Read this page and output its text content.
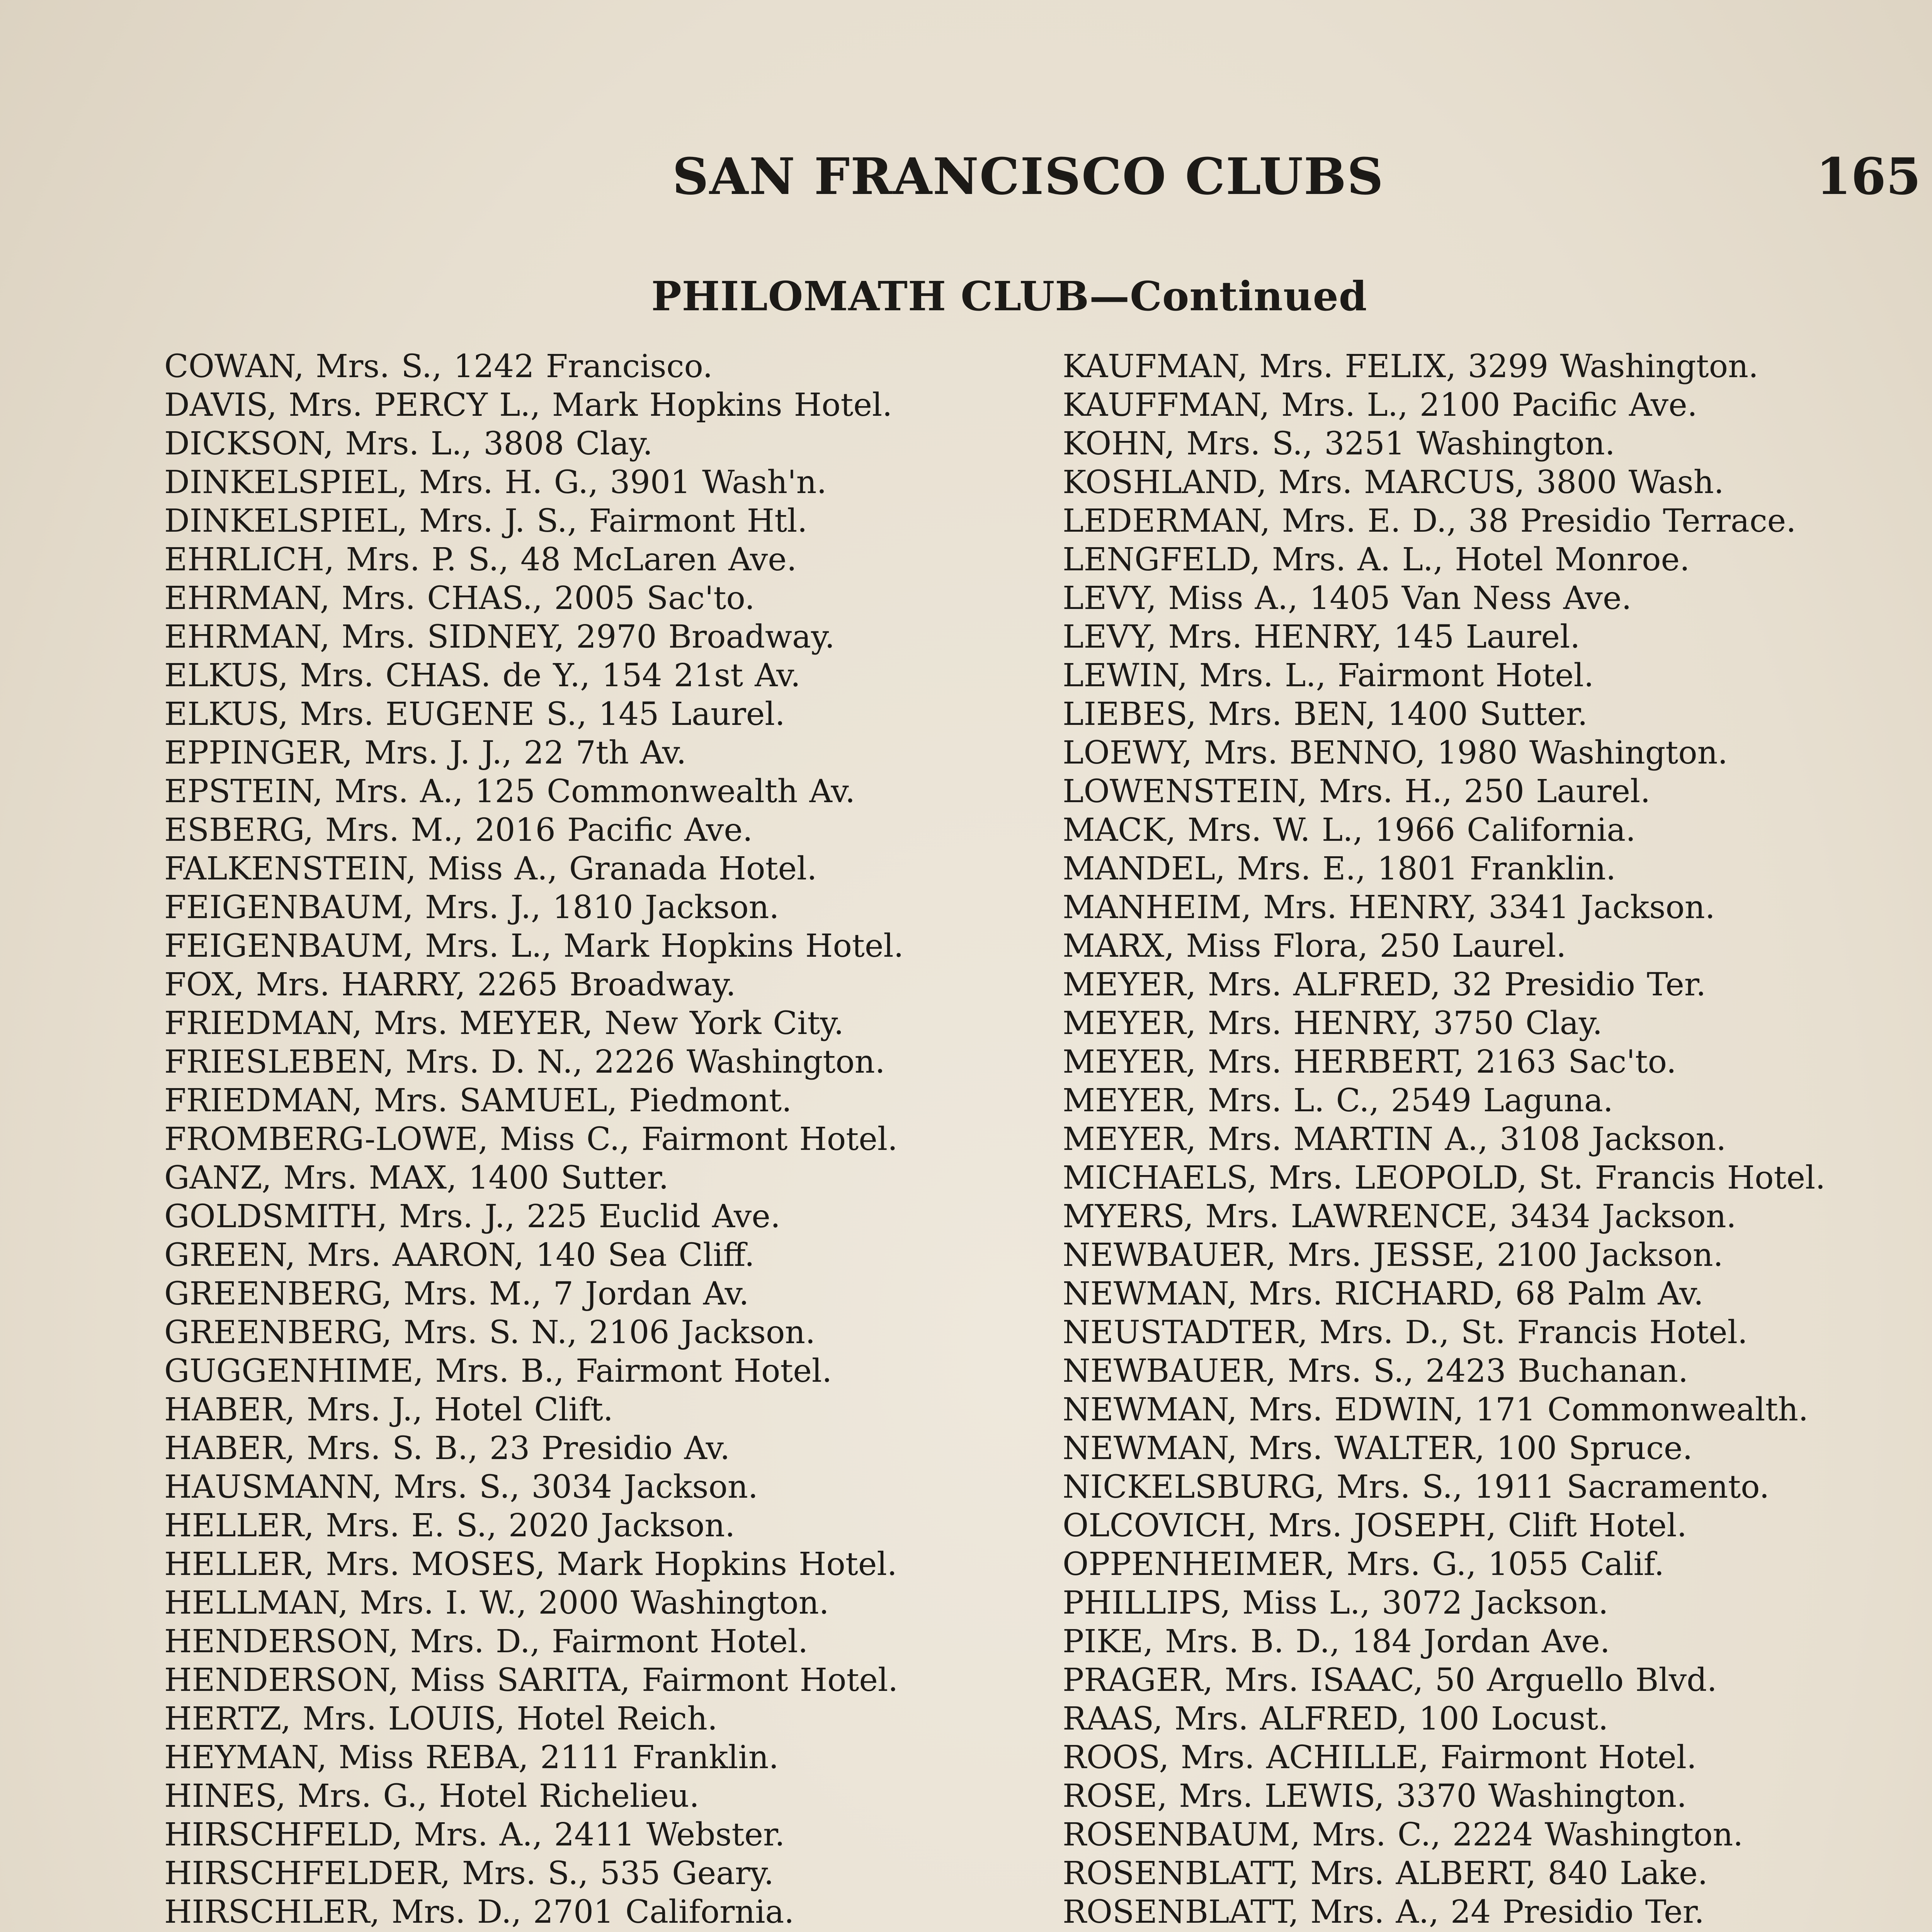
SAN FRANCISCO CLUBS	165
PHILOMATH CLUB—Continued

COWAN, Mrs. S., 1242 Francisco.

DAVIS, Mrs. PERCY L., Mark Hopkins Hotel.

DICKSON, Mrs. L., 3808 Clay.

DINKELSPIEL, Mrs. H. G., 3901 Wash'n.

DINKELSPIEL, Mrs. J. S., Fairmont Htl.

EHRLICH, Mrs. P. S., 48 McLaren Ave.

EHRMAN, Mrs. CHAS., 2005 Sac'to.

EHRMAN, Mrs. SIDNEY, 2970 Broadway.

ELKUS, Mrs. CHAS. de Y., 154 21st Av.

ELKUS, Mrs. EUGENE S., 145 Laurel.

EPPINGER, Mrs. J. J., 22 7th Av.

EPSTEIN, Mrs. A., 125 Commonwealth Av.

ESBERG, Mrs. M., 2016 Pacific Ave.

FALKENSTEIN, Miss A., Granada Hotel.

FEIGENBAUM, Mrs. J., 1810 Jackson.

FEIGENBAUM, Mrs. L., Mark Hopkins Hotel.

FOX, Mrs. HARRY, 2265 Broadway.

FRIEDMAN, Mrs. MEYER, New York City.

FRIESLEBEN, Mrs. D. N., 2226 Washington.

FRIEDMAN, Mrs. SAMUEL, Piedmont.

FROMBERG-LOWE, Miss C., Fairmont Hotel.

GANZ, Mrs. MAX, 1400 Sutter.

GOLDSMITH, Mrs. J., 225 Euclid Ave.

GREEN, Mrs. AARON, 140 Sea Cliff.

GREENBERG, Mrs. M., 7 Jordan Av.

GREENBERG, Mrs. S. N., 2106 Jackson.

GUGGENHIME, Mrs. B., Fairmont Hotel.

HABER, Mrs. J., Hotel Clift.

HABER, Mrs. S. B., 23 Presidio Av.

HAUSMANN, Mrs. S., 3034 Jackson.

HELLER, Mrs. E. S., 2020 Jackson.

HELLER, Mrs. MOSES, Mark Hopkins Hotel.

HELLMAN, Mrs. I. W., 2000 Washington.

HENDERSON, Mrs. D., Fairmont Hotel.

HENDERSON, Miss SARITA, Fairmont Hotel.

HERTZ, Mrs. LOUIS, Hotel Reich.

HEYMAN, Miss REBA, 2111 Franklin.

HINES, Mrs. G., Hotel Richelieu.

HIRSCHFELD, Mrs. A., 2411 Webster.

HIRSCHFELDER, Mrs. S., 535 Geary.

HIRSCHLER, Mrs. D., 2701 California.

KAUFMAN, Mrs. FELIX, 3299 Washington.

KAUFFMAN, Mrs. L., 2100 Pacific Ave.

KOHN, Mrs. S., 3251 Washington.

KOSHLAND, Mrs. MARCUS, 3800 Wash.

LEDERMAN, Mrs. E. D., 38 Presidio Terrace.

LENGFELD, Mrs. A. L., Hotel Monroe.

LEVY, Miss A., 1405 Van Ness Ave.

LEVY, Mrs. HENRY, 145 Laurel.

LEWIN, Mrs. L., Fairmont Hotel.

LIEBES, Mrs. BEN, 1400 Sutter.

LOEWY, Mrs. BENNO, 1980 Washington.

LOWENSTEIN, Mrs. H., 250 Laurel.

MACK, Mrs. W. L., 1966 California.

MANDEL, Mrs. E., 1801 Franklin.

MANHEIM, Mrs. HENRY, 3341 Jackson.

MARX, Miss Flora, 250 Laurel.

MEYER, Mrs. ALFRED, 32 Presidio Ter.

MEYER, Mrs. HENRY, 3750 Clay.

MEYER, Mrs. HERBERT, 2163 Sac'to.

MEYER, Mrs. L. C., 2549 Laguna.

MEYER, Mrs. MARTIN A., 3108 Jackson.

MICHAELS, Mrs. LEOPOLD, St. Francis Hotel.

MYERS, Mrs. LAWRENCE, 3434 Jackson.

NEWBAUER, Mrs. JESSE, 2100 Jackson.

NEWMAN, Mrs. RICHARD, 68 Palm Av.

NEUSTADTER, Mrs. D., St. Francis Hotel.

NEWBAUER, Mrs. S., 2423 Buchanan.

NEWMAN, Mrs. EDWIN, 171 Commonwealth.

NEWMAN, Mrs. WALTER, 100 Spruce.

NICKELSBURG, Mrs. S., 1911 Sacramento.

OLCOVICH, Mrs. JOSEPH, Clift Hotel.

OPPENHEIMER, Mrs. G., 1055 Calif.

PHILLIPS, Miss L., 3072 Jackson.

PIKE, Mrs. B. D., 184 Jordan Ave.

PRAGER, Mrs. ISAAC, 50 Arguello Blvd.

RAAS, Mrs. ALFRED, 100 Locust.

ROOS, Mrs. ACHILLE, Fairmont Hotel.

ROSE, Mrs. LEWIS, 3370 Washington.

ROSENBAUM, Mrs. C., 2224 Washington.

ROSENBLATT, Mrs. ALBERT, 840 Lake.

ROSENBLATT, Mrs. A., 24 Presidio Ter.
